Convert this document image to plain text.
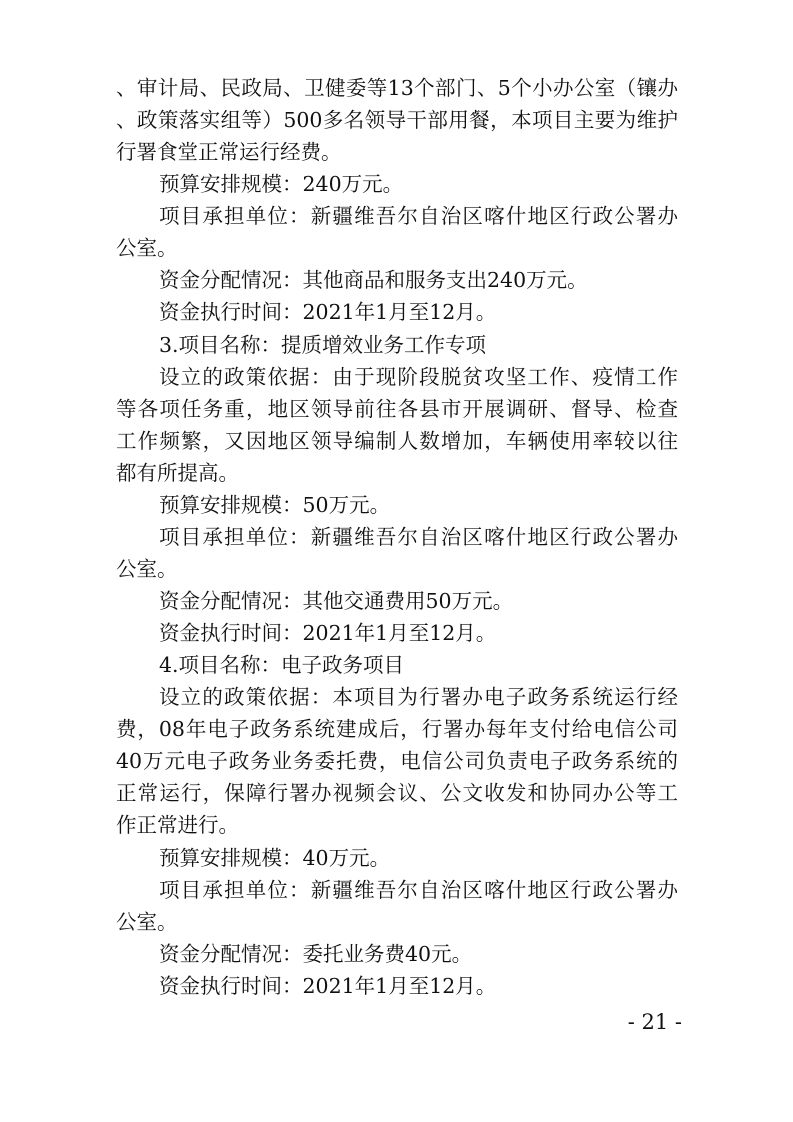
、审计局、民政局、卫健委等13个部门、5个小办公室（镶办
、政策落实组等）500多名领导干部用餐，本项目主要为维护
行署食堂正常运行经费。
预算安排规模：240万元。
项目承担单位：新疆维吾尔自治区喀什地区行政公署办
公室。
资金分配情况：其他商品和服务支出240万元。
资金执行时间：2021年1月至12月。
3.项目名称：提质增效业务工作专项
设立的政策依据：由于现阶段脱贫攻坚工作、疫情工作
等各项任务重，地区领导前往各县市开展调研、督导、检查
工作频繁，又因地区领导编制人数增加，车辆使用率较以往
都有所提高。
预算安排规模：50万元。
项目承担单位：新疆维吾尔自治区喀什地区行政公署办
公室。
资金分配情况：其他交通费用50万元。
资金执行时间：2021年1月至12月。
4.项目名称：电子政务项目
设立的政策依据：本项目为行署办电子政务系统运行经
费，08年电子政务系统建成后，行署办每年支付给电信公司
40万元电子政务业务委托费，电信公司负责电子政务系统的
正常运行，保障行署办视频会议、公文收发和协同办公等工
作正常进行。
预算安排规模：40万元。
项目承担单位：新疆维吾尔自治区喀什地区行政公署办
公室。
资金分配情况：委托业务费40元。
资金执行时间：2021年1月至12月。
- 21 -
